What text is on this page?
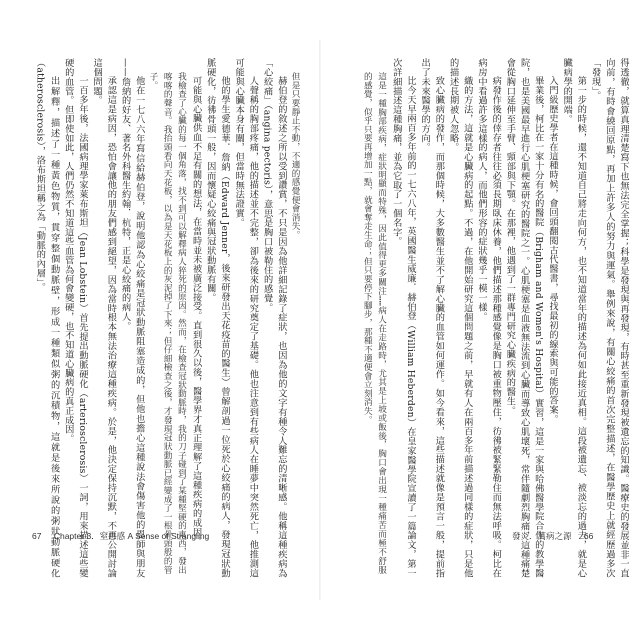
得透徹，就算真理清楚寫下也無法完全掌握；科學是發現與再發現，有時甚至重新發現被遺忘的知識。醫療史的發展並非一直向前，有時會繞回原點，再加上許多人的努力與運氣。舉例來說，有關心絞痛的首次完整描述，在醫學歷史上就經歷過多次「發現」。

第一步的時候，還不知道自己將走向何方，也不知道當年的描述為何如此接近真相。這段被遺忘、被淡忘的過去，就是心臟病學的開端。

入門級歷史學者在這種時候，會回頭翻閱古代醫書，尋找最初的線索與可能的答案。

畢業後，柯比在一家十分有名的醫院（Brigham and Women's Hospital）實習，這是一家與哈佛醫學院合作的教學醫院，也是美國最早進行心肌梗塞研究的醫院之一。心肌梗塞是血液無法流到心臟而導致心肌壞死，常伴隨劇烈胸痛，這種痛楚會從胸口延伸至手臂、頸部與下顎。在那裡，他遇到了一群專門研究心臟疾病的醫生。

病發作後的倖存者往往必須長期臥床休養，他們描述那種感覺像是胸口被重物壓住，彷彿被緊緊勒住而無法呼吸。柯比在病房中看過許多這樣的病人，而他們形容的症狀幾乎一模一樣。

織的方法，這就是心臟病的起點。不過，在他開始研究這個問題之前，早就有人在兩百多年前描述過同樣的症狀，只是他的描述長期被人忽略。

致心臟病的發作，而那個時候，大多數醫生並不了解心臟的血管如何運作。如今看來，這些描述就像是預言一般，提前指出了未來醫學的方向。

比今天早兩百多年前的一七六八年，英國醫生威廉．赫伯登（William Heberden）在皇家醫學院宣讀了一篇論文，第一次詳細描述這種胸痛，並為它取了一個名字。

這是一種胸部疾病，症狀明顯而特殊，因此值得更多關注……病人在走路時，尤其是上坡或飯後，胸口會出現一種痛苦而極不舒服的感覺，似乎只要再增加一點，就會奪走生命；但只要停下腳步，那種不適便會立刻消失。

但是只要靜止不動，不適的感覺便會消失。

赫伯登的敘述之所以受到讚賞，不只是因為他詳細記錄了症狀，也因為他的文字有種令人難忘的清晰感。他稱這種疾病為「心絞痛」（angina pectoris），意思是胸口被勒住的感覺。

人聲稱的胸部疼痛，他的描述並不完整，卻為後來的研究奠定了基礎。他也注意到有些病人在睡夢中突然死亡，他推測這可能與心臟本身有關，但當時無法證實。

他的學生愛德華．詹納（Edward Jenner，後來研發出天花疫苗的醫生）曾解剖過一位死於心絞痛的病人，發現冠狀動脈硬化，彷彿骨頭一般，因而懷疑心絞痛與冠狀動脈有關。

可能與心臟供血不足有關的想法，在當時並未被廣泛接受。直到很久以後，醫學界才真正理解了這種疾病的成因。

我檢查了心臟的每一個角落，找不到可以解釋病人猝死的原因。然而，在檢查冠狀動脈時，我的刀子碰到了某種堅硬的東西，發出喀喀的聲音。我抬頭看向天花板，以為是天花板上的灰泥掉了下來；但仔細檢查之後，才發現冠狀動脈已經變成了一根骨頭般的管子。

他在一七八六年寫信給赫伯登，說明他認為心絞痛是冠狀動脈阻塞造成的，但他也擔心這種說法會傷害他的恩師與朋友——詹納的好友、著名外科醫生約翰．杭特，正是心絞痛的病人。

承認這是病因，恐怕會讓他的朋友們感到絕望，因為當時根本無法治療這種疾病。於是，他決定保持沉默，不再公開討論這個問題。

一百多年後，法國病理學家萊布斯坦（Jean Lobstein）首先提出動脈硬化（arteriosclerosis）一詞，用來描述這些變硬的血管。但即使如此，人們仍然不知道這些血管為何會變硬，也不知道心臟病的真正成因。

出解釋，描述了一種黃色物質，貫穿整個動脈壁，形成一種類似粥的沉積物，這就是後來所說的粥狀動脈硬化（atherosclerosis），洛布斯坦稱之為「動脈的內層」。

67 Chapter 3．窒息感 A Sense of Strangling	發炎．萬病之源 66
